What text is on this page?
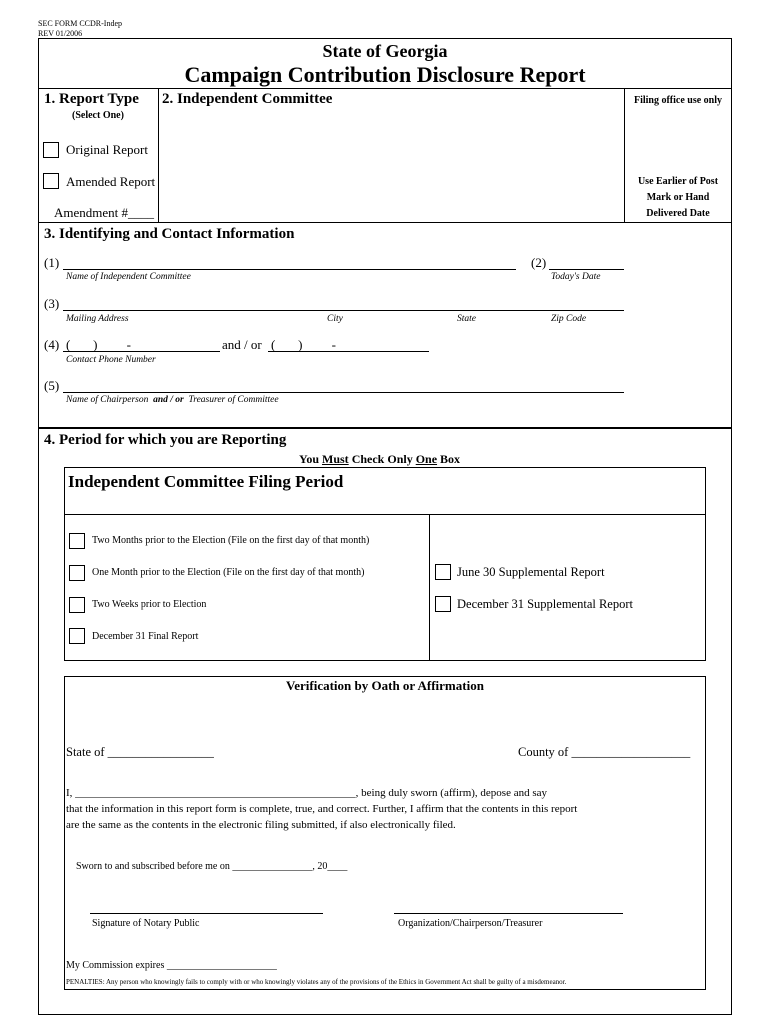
SEC FORM CCDR-Indep
REV 01/2006
State of Georgia
Campaign Contribution Disclosure Report
1. Report Type
(Select One)
Original Report
Amended Report
Amendment #____
2. Independent Committee	Filing office use only
Use Earlier of Post
Mark or Hand
Delivered Date
3. Identifying and Contact Information
(1)	(2)
Name of Independent Committee	Today's Date
(3)
Mailing Address	City	State	Zip Code
(4) (       )         -	and / or (       )         -
Contact Phone Number
(5)
Name of Chairperson and / or Treasurer of Committee
4. Period for which you are Reporting
You Must Check Only One Box
Independent Committee Filing Period
Two Months prior to the Election (File on the first day of that month)
One Month prior to the Election (File on the first day of that month)
Two Weeks prior to Election
December 31 Final Report
June 30 Supplemental Report
December 31 Supplemental Report
Verification by Oath or Affirmation
State of _________________	County of ___________________
I, ___________________________________________________, being duly sworn (affirm), depose and say
that the information in this report form is complete, true, and correct. Further, I affirm that the contents in this report
are the same as the contents in the electronic filing submitted, if also electronically filed.
Sworn to and subscribed before me on ________________, 20____
Signature of Notary Public	Organization/Chairperson/Treasurer
My Commission expires ______________________
PENALTIES: Any person who knowingly fails to comply with or who knowingly violates any of the provisions of the Ethics in Government Act shall be guilty of a misdemeanor.
